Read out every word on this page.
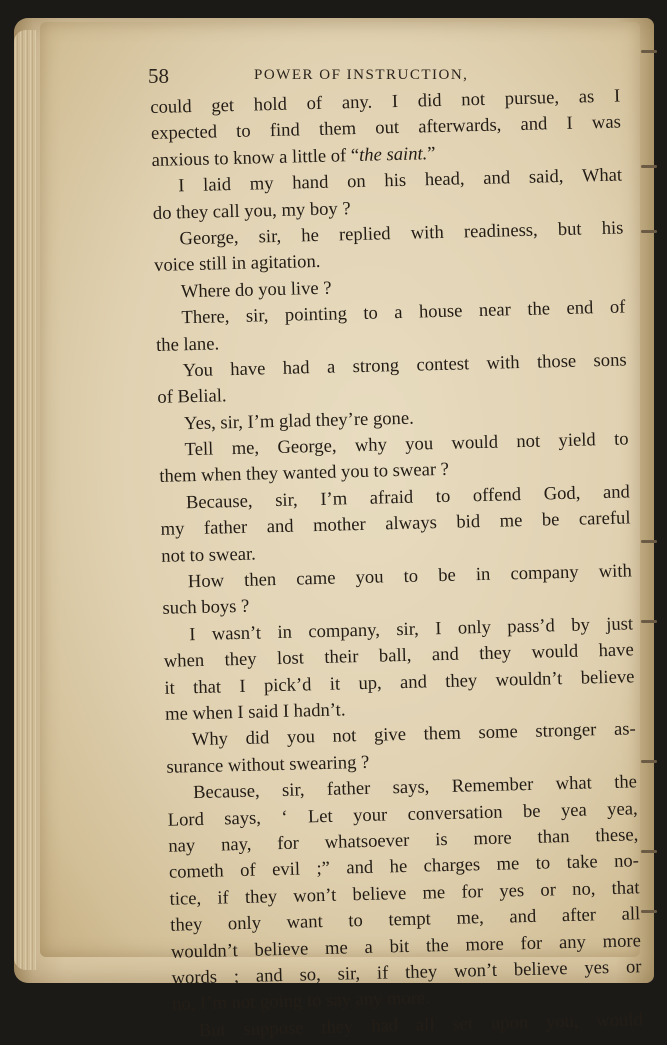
58	POWER OF INSTRUCTION,
could get hold of any. I did not pursue, as I
expected to find them out afterwards, and I was
anxious to know a little of “the saint.”
I laid my hand on his head, and said, What
do they call you, my boy ?
George, sir, he replied with readiness, but his
voice still in agitation.
Where do you live ?
There, sir, pointing to a house near the end of
the lane.
You have had a strong contest with those sons
of Belial.
Yes, sir, I’m glad they’re gone.
Tell me, George, why you would not yield to
them when they wanted you to swear ?
Because, sir, I’m afraid to offend God, and
my father and mother always bid me be careful
not to swear.
How then came you to be in company with
such boys ?
I wasn’t in company, sir, I only pass’d by just
when they lost their ball, and they would have
it that I pick’d it up, and they wouldn’t believe
me when I said I hadn’t.
Why did you not give them some stronger as-
surance without swearing ?
Because, sir, father says, Remember what the
Lord says, ‘ Let your conversation be yea yea,
nay nay, for whatsoever is more than these,
cometh of evil ;” and he charges me to take no-
tice, if they won’t believe me for yes or no, that
they only want to tempt me, and after all
wouldn’t believe me a bit the more for any more
words ; and so, sir, if they won’t believe yes or
no, I’m not going to say any more.
But suppose they had all set upon you, would
